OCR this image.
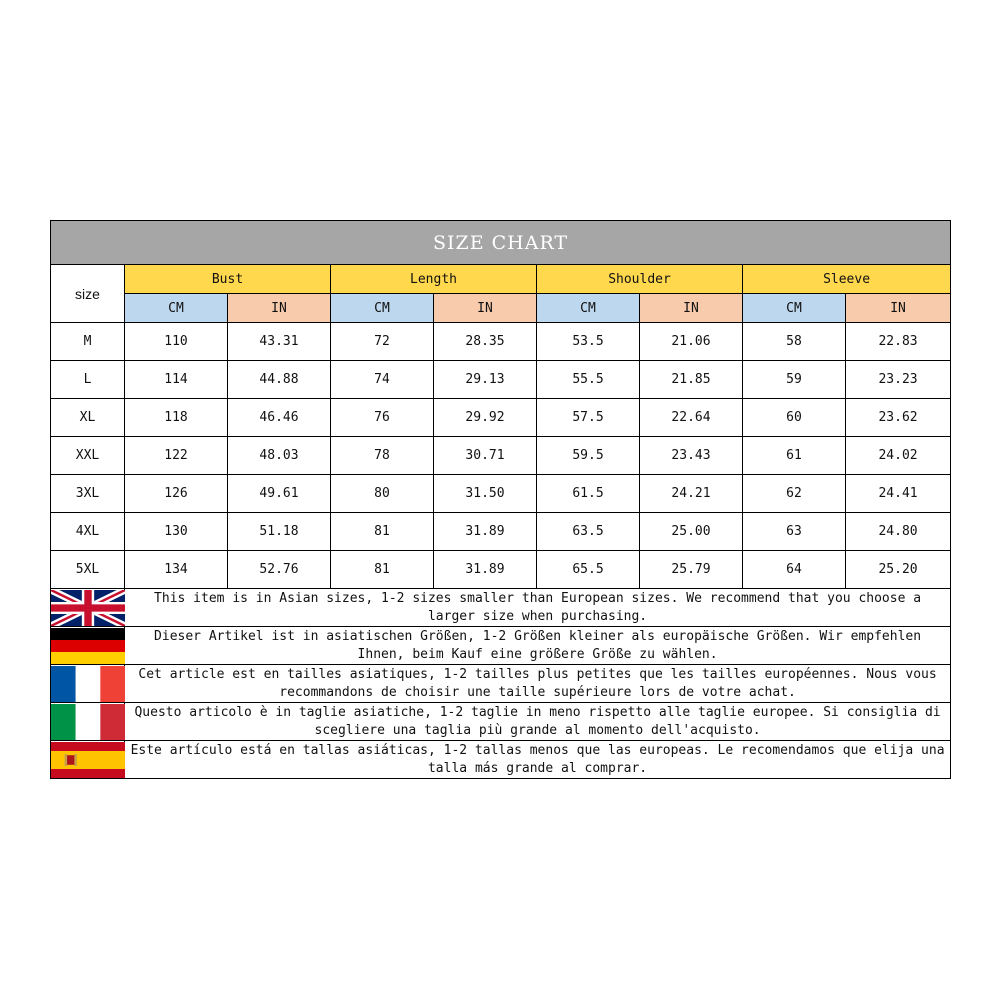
SIZE CHART								
size	Bust		Length		Shoulder		Sleeve	
	CM	IN	CM	IN	CM	IN	CM	IN
M	110	43.31	72	28.35	53.5	21.06	58	22.83
L	114	44.88	74	29.13	55.5	21.85	59	23.23
XL	118	46.46	76	29.92	57.5	22.64	60	23.62
XXL	122	48.03	78	30.71	59.5	23.43	61	24.02
3XL	126	49.61	80	31.50	61.5	24.21	62	24.41
4XL	130	51.18	81	31.89	63.5	25.00	63	24.80
5XL	134	52.76	81	31.89	65.5	25.79	64	25.20

	This item is in Asian sizes, 1-2 sizes smaller than European sizes. We recommend that you choose a larger size when purchasing.							

	Dieser Artikel ist in asiatischen Größen, 1-2 Größen kleiner als europäische Größen. Wir empfehlen Ihnen, beim Kauf eine größere Größe zu wählen.							

	Cet article est en tailles asiatiques, 1-2 tailles plus petites que les tailles européennes. Nous vous recommandons de choisir une taille supérieure lors de votre achat.							

	Questo articolo è in taglie asiatiche, 1-2 taglie in meno rispetto alle taglie europee. Si consiglia di scegliere una taglia più grande al momento dell'acquisto.							

	Este artículo está en tallas asiáticas, 1-2 tallas menos que las europeas. Le recomendamos que elija una talla más grande al comprar.							
